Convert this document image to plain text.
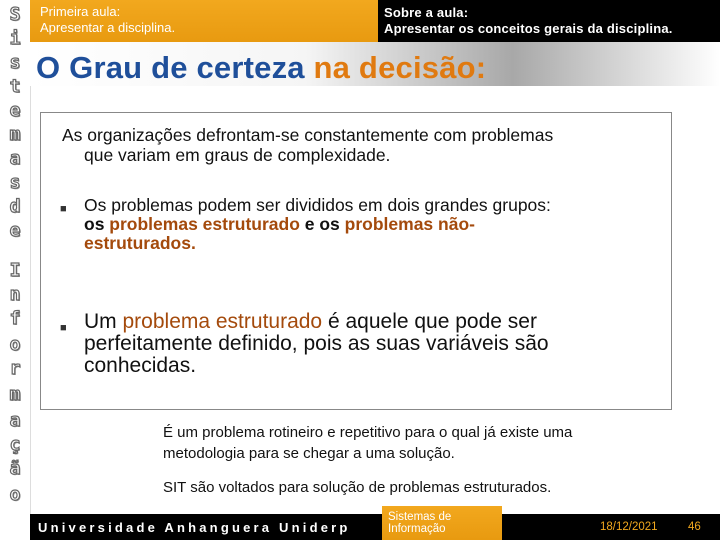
S
i
s
t
e
m
a
s
d
e
I
n
f
o
r
m
a
ç
ã
o
Primeira aula:
Apresentar a disciplina.
Sobre a aula:
Apresentar os conceitos gerais da disciplina.
O Grau de certeza na decisão:
As organizações defrontam-se constantemente com problemas
que variam em graus de complexidade.
■ Os problemas podem ser divididos em dois grandes grupos:
os problemas estruturado e os problemas não-
estruturados.
■ Um problema estruturado é aquele que pode ser
perfeitamente definido, pois as suas variáveis são
conhecidas.
É um problema rotineiro e repetitivo para o qual já existe uma
metodologia para se chegar a uma solução.
SIT são voltados para solução de problemas estruturados.
Universidade Anhanguera Uniderp
Sistemas de Informação	18/12/2021	46
